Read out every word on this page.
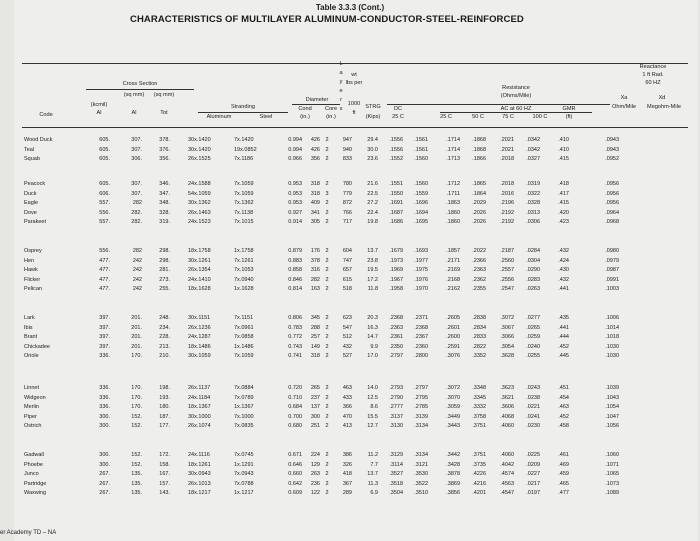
Table 3.3.3 (Cont.)
CHARACTERISTICS OF MULTILAYER ALUMINUM-CONDUCTOR-STEEL-REINFORCED
Code
Cross Section
(kcmil)
Al
(sq mm)
Al
(sq mm)
Tot
Stranding
Aluminum	Steel
Diameter
Cond	Core
(in.)	(in.)
L a y e r s
wt
lbs per
1000
ft
STRG
(Kips)
DC
25 C
Resistance
(Ohms/Mile)
AC at 60 HZ
25 C	50 C	75 C	100 C
GMR
(ft)
Reactance
1 ft Rad.
60 HZ
Xa
Ohm/Mile
Xd
Megohm-Mile
Wood Duck	605.	307.	378.	30x.1420	7x.1420	0.994	426 2	947	29.4	.1556	.1561	.1714	.1868	.2021	.0342	.410	.0943
Teal	605.	307.	376.	30x.1420	19x.0852	0.994	426 2	940	30.0	.1556	.1561	.1714	.1868	.2021	.0342	.410	.0943
Squab	605.	306.	356.	26x.1525	7x.1186	0.966	356 2	833	23.6	.1552	.1560	.1713	.1866	.2018	.0327	.415	.0952
Peacock	605.	307.	346.	24x.1588	7x.1059	0.953	318 2	780	21.6	.1551	.1560	.1712	.1865	.2018	.0319	.418	.0956
Duck	606.	307.	347.	54x.1059	7x.1059	0.953	318 3	779	22.5	.1550	.1559	.1711	.1864	.2016	.0322	.417	.0956
Eagle	557.	282	348.	30x.1362	7x.1362	0.953	409 2	872	27.2	.1691	.1696	.1863	.2029	.2196	.0328	.415	.0956
Dove	556.	282.	328.	26x.1463	7x.1138	0.927	341 2	766	22.4	.1687	.1694	.1860	.2026	.2192	.0313	.420	.0964
Parakeet	557.	282.	319.	24x.1523	7x.1015	0.914	305 2	717	19.8	.1686	.1695	.1860	.2026	.2192	.0306	.423	.0968
Osprey	556.	282	298.	18x.1758	1x.1758	0.879	176 2	604	13.7	.1679	.1693	.1857	.2022	.2187	.0284	.432	.0980
Hen	477.	242	298.	30x.1261	7x.1261	0.883	378 2	747	23.8	.1973	.1977	.2171	.2366	.2560	.0304	.424	.0979
Hawk	477.	242	281.	26x.1354	7x.1053	0.858	316 2	657	19.5	.1969	.1975	.2169	.2363	.2557	.0290	.430	.0987
Flicker	477.	242	273.	24x.1410	7x.0940	0.846	282 2	615	17.2	.1967	.1976	.2168	.2362	.2556	.0283	.432	.0991
Pelican	477.	242	255.	18x.1628	1x.1628	0.814	163 2	518	11.8	.1958	.1970	.2162	.2355	.2547	.0263	.441	.1003
Lark	397.	201.	248.	30x.1151	7x.1151	0.806	345 2	623	20.3	.2368	.2371	.2605	.2838	.3072	.0277	.435	.1006
Ibis	397.	201.	234.	26x.1236	7x.0961	0.783	288 2	547	16.3	.2363	.2368	.2601	.2834	.3067	.0265	.441	.1014
Brant	397.	201.	228.	24x.1287	7x.0858	0.772	257 2	512	14.7	.2361	.2367	.2600	.2833	.3066	.0259	.444	.1018
Chickadee	397.	201.	213.	18x.1486	1x.1486	0.743	149 2	432	9.9	.2350	.2360	.2591	.2822	.3054	.0240	.452	.1030
Oriole	336.	170.	210.	30x.1059	7x.1059	0.741	318 2	527	17.0	.2797	.2800	.3076	.3352	.3628	.0255	.445	.1030
Linnet	336.	170.	198.	26x.1137	7x.0884	0.720	265 2	463	14.0	.2793	.2797	.3072	.3348	.3623	.0243	.451	.1039
Widgeon	336.	170.	193.	24x.1184	7x.0789	0.710	237 2	433	12.5	.2790	.2795	.3070	.3345	.3621	.0238	.454	.1043
Merlin	336.	170.	180.	18x.1367	1x.1367	0.684	137 2	366	8.6	.2777	.2785	.3059	.3332	.3606	.0221	.463	.1054
Piper	300.	152.	187.	30x.1000	7x.1000	0.700	300 2	470	15.5	.3137	.3139	.3449	.3758	.4068	.0241	.452	.1047
Ostrich	300.	152.	177.	26x.1074	7x.0835	0.680	251 2	413	12.7	.3130	.3134	.3443	.3751	.4060	.0230	.458	.1056
Gadwall	300.	152.	172.	24x.1116	7x.0745	0.671	224 2	386	11.2	.3129	.3134	.3442	.3751	.4060	.0225	.461	.1060
Phoebe	300.	152.	158.	18x.1261	1x.1291	0.646	129 2	326	7.7	.3114	.3121	.3428	.3735	.4042	.0209	.469	.1071
Junco	267.	135.	167.	30x.0943	7x.0943	0.660	263 2	418	13.7	.3527	.3530	.3878	.4226	.4574	.0227	.459	.1065
Partridge	267.	135.	157.	26x.1013	7x.0788	0.642	236 2	367	11.3	.3518	.3522	.3869	.4216	.4563	.0217	.465	.1073
Waxwing	267.	135.	143.	18x.1217	1x.1217	0.609	122 2	289	6.9	.3504	.3510	.3856	.4201	.4547	.0197	.477	.1089
er Academy TD – NA
